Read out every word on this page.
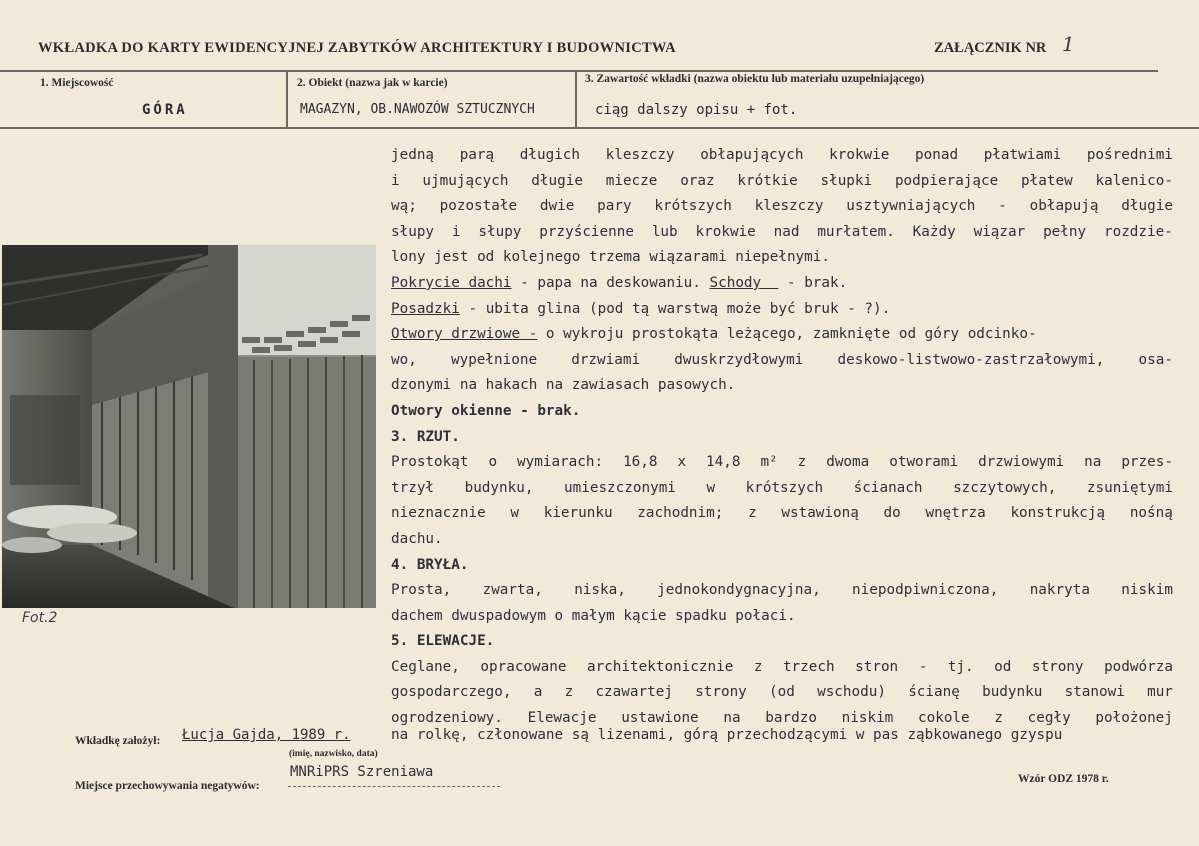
WKŁADKA DO KARTY EWIDENCYJNEJ ZABYTKÓW ARCHITEKTURY I BUDOWNICTWA	ZAŁĄCZNIK NR 1
1. Miejscowość
GÓRA
2. Obiekt (nazwa jak w karcie)
MAGAZYN, OB.NAWOZÓW SZTUCZNYCH
3. Zawartość wkładki (nazwa obiektu lub materiału uzupełniającego)
ciąg dalszy opisu + fot.
Fot.2
jedną parą długich kleszczy obłapujących krokwie ponad płatwiami pośrednimi
i ujmujących długie miecze oraz krótkie słupki podpierające płatew kalenico-
wą; pozostałe dwie pary krótszych kleszczy usztywniających - obłapują długie
słupy i słupy przyścienne lub krokwie nad murłatem. Każdy wiązar pełny rozdzie-
lony jest od kolejnego trzema wiązarami niepełnymi.
Pokrycie dachi - papa na deskowaniu. Schody   - brak.
Posadzki - ubita glina (pod tą warstwą może być bruk - ?).
Otwory drzwiowe - o wykroju prostokąta leżącego, zamknięte od góry odcinko-
wo, wypełnione drzwiami dwuskrzydłowymi deskowo-listwowo-zastrzałowymi, osa-
dzonymi na hakach na zawiasach pasowych.
Otwory okienne - brak.
3. RZUT.
Prostokąt o wymiarach: 16,8 x 14,8 m² z dwoma otworami drzwiowymi na przes-
trzył budynku, umieszczonymi w krótszych ścianach szczytowych, zsuniętymi
nieznacznie w kierunku zachodnim; z wstawioną do wnętrza konstrukcją nośną
dachu.
4. BRYŁA.
Prosta, zwarta, niska, jednokondygnacyjna, niepodpiwniczona, nakryta niskim
dachem dwuspadowym o małym kącie spadku połaci.
5. ELEWACJE.
Ceglane, opracowane architektonicznie z trzech stron - tj. od strony podwórza
gospodarczego, a z czawartej strony (od wschodu) ścianę budynku stanowi mur
ogrodzeniowy. Elewacje ustawione na bardzo niskim cokole z cegły położonej
Wkładkę założył: Łucja Gajda, 1989 r.	na rolkę, członowane są lizenami, górą przechodzącymi w pas ząbkowanego gzyspu
(imię, nazwisko, data)
MNRiPRS Szreniawa
Miejsce przechowywania negatywów:
Wzór ODZ 1978 r.
